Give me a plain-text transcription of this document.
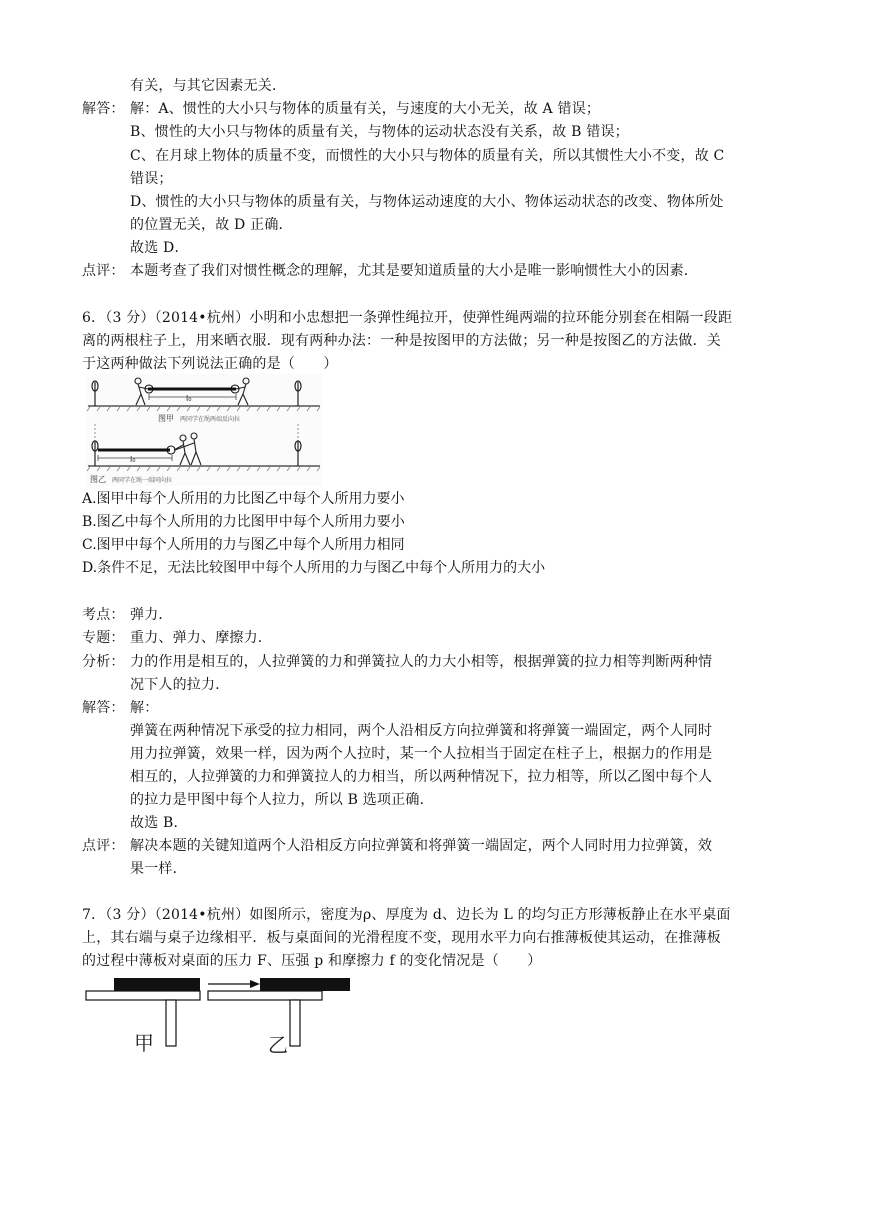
有关，与其它因素无关．
解答： 解：A、惯性的大小只与物体的质量有关，与速度的大小无关，故 A 错误；
B、惯性的大小只与物体的质量有关，与物体的运动状态没有关系，故 B 错误；
C、在月球上物体的质量不变，而惯性的大小只与物体的质量有关，所以其惯性大小不变，故 C
错误；
D、惯性的大小只与物体的质量有关，与物体运动速度的大小、物体运动状态的改变、物体所处
的位置无关，故 D 正确．
故选 D．
点评： 本题考查了我们对惯性概念的理解，尤其是要知道质量的大小是唯一影响惯性大小的因素．
6．（3 分）（2014•杭州）小明和小忠想把一条弹性绳拉开，使弹性绳两端的拉环能分别套在相隔一段距
离的两根柱子上，用来晒衣服．现有两种办法：一种是按图甲的方法做；另一种是按图乙的方法做．关
于这两种做法下列说法正确的是（　　）
l₀
图甲 两同学在绳两端反向拉
l₀
图乙 两同学在绳一端同向拉
A.图甲中每个人所用的力比图乙中每个人所用力要小
B.图乙中每个人所用的力比图甲中每个人所用力要小
C.图甲中每个人所用的力与图乙中每个人所用力相同
D.条件不足，无法比较图甲中每个人所用的力与图乙中每个人所用力的大小
考点： 弹力．
专题： 重力、弹力、摩擦力．
分析： 力的作用是相互的，人拉弹簧的力和弹簧拉人的力大小相等，根据弹簧的拉力相等判断两种情
况下人的拉力．
解答： 解：
弹簧在两种情况下承受的拉力相同，两个人沿相反方向拉弹簧和将弹簧一端固定，两个人同时
用力拉弹簧，效果一样，因为两个人拉时，某一个人拉相当于固定在柱子上，根据力的作用是
相互的，人拉弹簧的力和弹簧拉人的力相当，所以两种情况下，拉力相等，所以乙图中每个人
的拉力是甲图中每个人拉力，所以 B 选项正确．
故选 B．
点评： 解决本题的关键知道两个人沿相反方向拉弹簧和将弹簧一端固定，两个人同时用力拉弹簧，效
果一样．
7．（3 分）（2014•杭州）如图所示，密度为ρ、厚度为 d、边长为 L 的均匀正方形薄板静止在水平桌面
上，其右端与桌子边缘相平．板与桌面间的光滑程度不变，现用水平力向右推薄板使其运动，在推薄板
的过程中薄板对桌面的压力 F、压强 p 和摩擦力 f 的变化情况是（　　）
甲	乙
